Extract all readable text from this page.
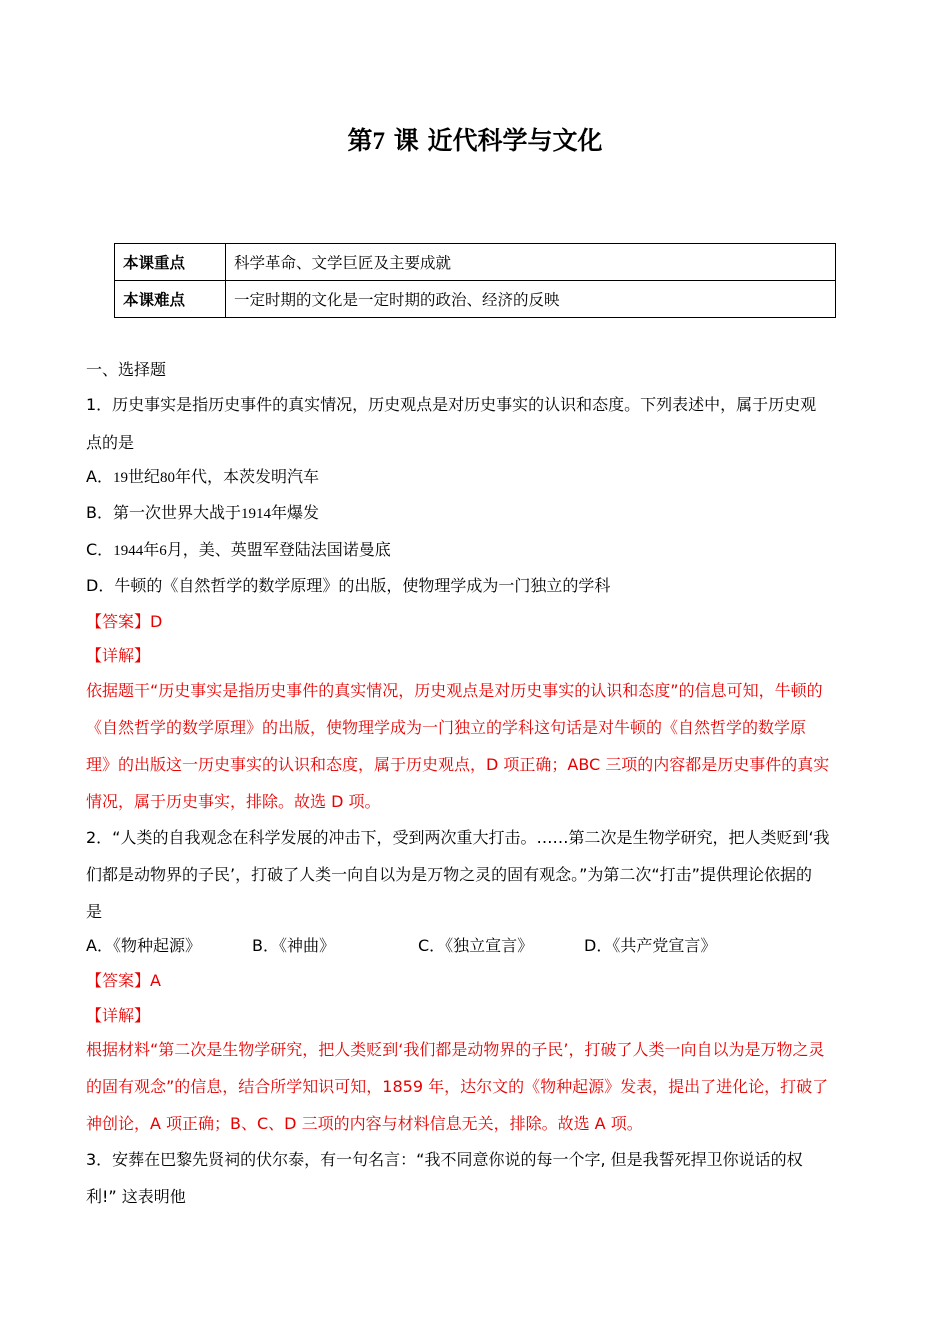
第7 课 近代科学与文化
本课重点	科学革命、文学巨匠及主要成就
本课难点	一定时期的文化是一定时期的政治、经济的反映
一、选择题
1．历史事实是指历史事件的真实情况，历史观点是对历史事实的认识和态度。下列表述中，属于历史观
点的是
A．19世纪80年代，本茨发明汽车
B．第一次世界大战于1914年爆发
C．1944年6月，美、英盟军登陆法国诺曼底
D．牛顿的《自然哲学的数学原理》的出版，使物理学成为一门独立的学科
【答案】D
【详解】
依据题干“历史事实是指历史事件的真实情况，历史观点是对历史事实的认识和态度”的信息可知，牛顿的
《自然哲学的数学原理》的出版，使物理学成为一门独立的学科这句话是对牛顿的《自然哲学的数学原
理》的出版这一历史事实的认识和态度，属于历史观点，D 项正确；ABC 三项的内容都是历史事件的真实
情况，属于历史事实，排除。故选 D 项。
2．“人类的自我观念在科学发展的冲击下，受到两次重大打击。……第二次是生物学研究，把人类贬到‘我
们都是动物界的子民’，打破了人类一向自以为是万物之灵的固有观念。”为第二次“打击”提供理论依据的
是
A．《物种起源》	B．《神曲》	C．《独立宣言》	D．《共产党宣言》
【答案】A
【详解】
根据材料“第二次是生物学研究，把人类贬到‘我们都是动物界的子民’，打破了人类一向自以为是万物之灵
的固有观念”的信息，结合所学知识可知，1859 年，达尔文的《物种起源》发表，提出了进化论，打破了
神创论，A 项正确；B、C、D 三项的内容与材料信息无关，排除。故选 A 项。
3．安葬在巴黎先贤祠的伏尔泰，有一句名言：“我不同意你说的每一个字, 但是我誓死捍卫你说话的权
利!” 这表明他
